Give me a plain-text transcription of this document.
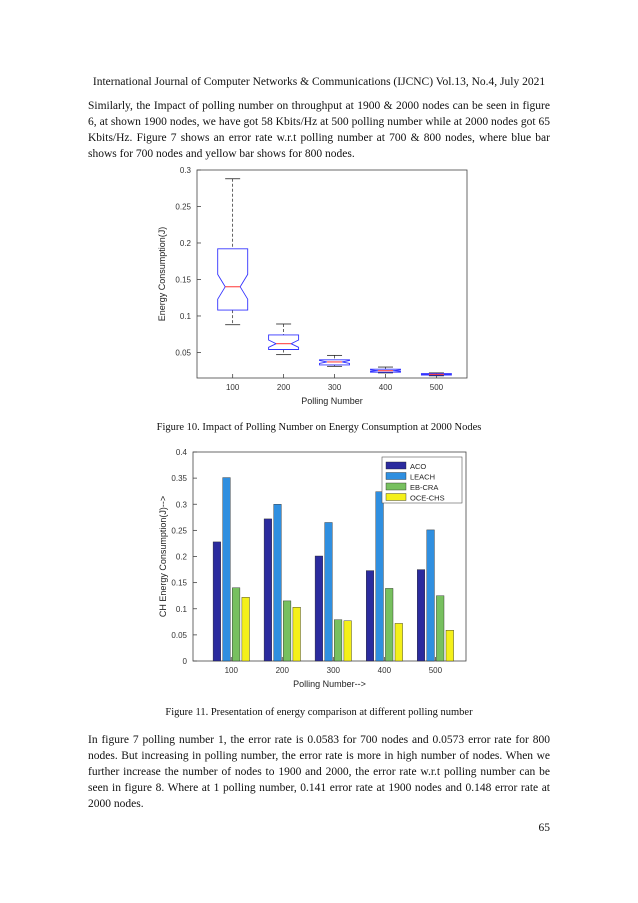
International Journal of Computer Networks & Communications (IJCNC) Vol.13, No.4, July 2021

Similarly, the Impact of polling number on throughput at 1900 & 2000 nodes can be seen in figure 6, at shown 1900 nodes, we have got 58 Kbits/Hz at 500 polling number while at 2000 nodes got 65 Kbits/Hz. Figure 7 shows an error rate w.r.t polling number at 700 & 800 nodes, where blue bar shows for 700 nodes and yellow bar shows for 800 nodes.

0.05
0.1
0.15
0.2
0.25
0.3
100	200	300	400	500
Polling Number
Energy Consumption(J)
Figure 10. Impact of Polling Number on Energy Consumption at 2000 Nodes
0
0.05
0.1
0.15
0.2
0.25
0.3
0.35
0.4
100	200	300	400	500
ACO
LEACH
EB-CRA
OCE-CHS
Polling Number-->
CH Energy Consumption(J)-->
Figure 11. Presentation of energy comparison at different polling number

In figure 7 polling number 1, the error rate is 0.0583 for 700 nodes and 0.0573 error rate for 800 nodes. But increasing in polling number, the error rate is more in high number of nodes. When we further increase the number of nodes to 1900 and 2000, the error rate w.r.t polling number can be seen in figure 8. Where at 1 polling number, 0.141 error rate at 1900 nodes and 0.148 error rate at 2000 nodes.

65
